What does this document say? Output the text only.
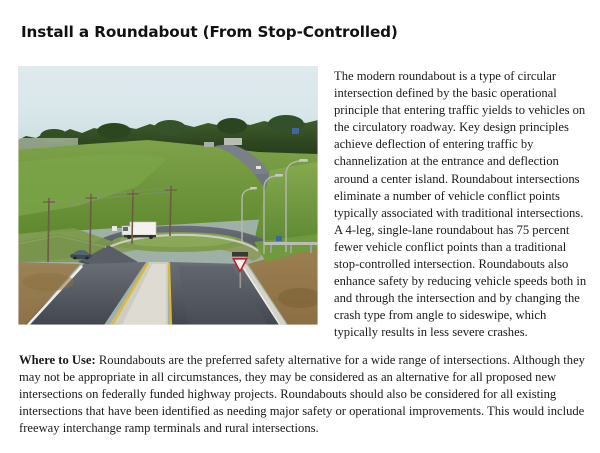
Install a Roundabout (From Stop-Controlled)
The modern roundabout is a type of circular intersection defined by the basic operational principle that entering traffic yields to vehicles on the circulatory roadway. Key design principles achieve deflection of entering traffic by channelization at the entrance and deflection around a center island. Roundabout intersections eliminate a number of vehicle conflict points typically associated with traditional intersections. A 4-leg, single-lane roundabout has 75 percent fewer vehicle conflict points than a traditional stop-controlled intersection. Roundabouts also enhance safety by reducing vehicle speeds both in and through the intersection and by changing the crash type from angle to sideswipe, which typically results in less severe crashes.
Where to Use: Roundabouts are the preferred safety alternative for a wide range of intersections. Although they may not be appropriate in all circumstances, they may be considered as an alternative for all proposed new intersections on federally funded highway projects. Roundabouts should also be considered for all existing intersections that have been identified as needing major safety or operational improvements. This would include freeway interchange ramp terminals and rural intersections.
